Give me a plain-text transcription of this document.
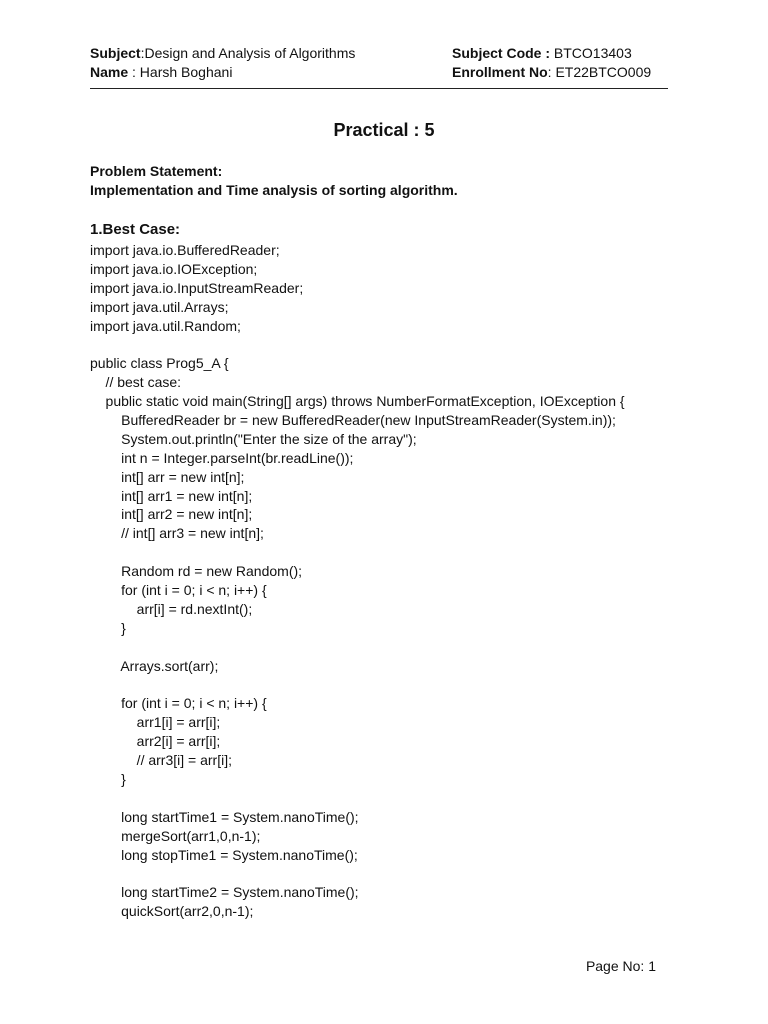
Subject:Design and Analysis of Algorithms	Subject Code : BTCO13403
Name : Harsh Boghani	Enrollment No: ET22BTCO009
Practical : 5
Problem Statement:
Implementation and Time analysis of sorting algorithm.
1.Best Case:
import java.io.BufferedReader;
import java.io.IOException;
import java.io.InputStreamReader;
import java.util.Arrays;
import java.util.Random;
public class Prog5_A {
// best case:
public static void main(String[] args) throws NumberFormatException, IOException {
BufferedReader br = new BufferedReader(new InputStreamReader(System.in));
System.out.println("Enter the size of the array");
int n = Integer.parseInt(br.readLine());
int[] arr = new int[n];
int[] arr1 = new int[n];
int[] arr2 = new int[n];
// int[] arr3 = new int[n];
Random rd = new Random();
for (int i = 0; i < n; i++) {
arr[i] = rd.nextInt();
}
Arrays.sort(arr);
for (int i = 0; i < n; i++) {
arr1[i] = arr[i];
arr2[i] = arr[i];
// arr3[i] = arr[i];
}
long startTime1 = System.nanoTime();
mergeSort(arr1,0,n-1);
long stopTime1 = System.nanoTime();
long startTime2 = System.nanoTime();
quickSort(arr2,0,n-1);
Page No: 1
